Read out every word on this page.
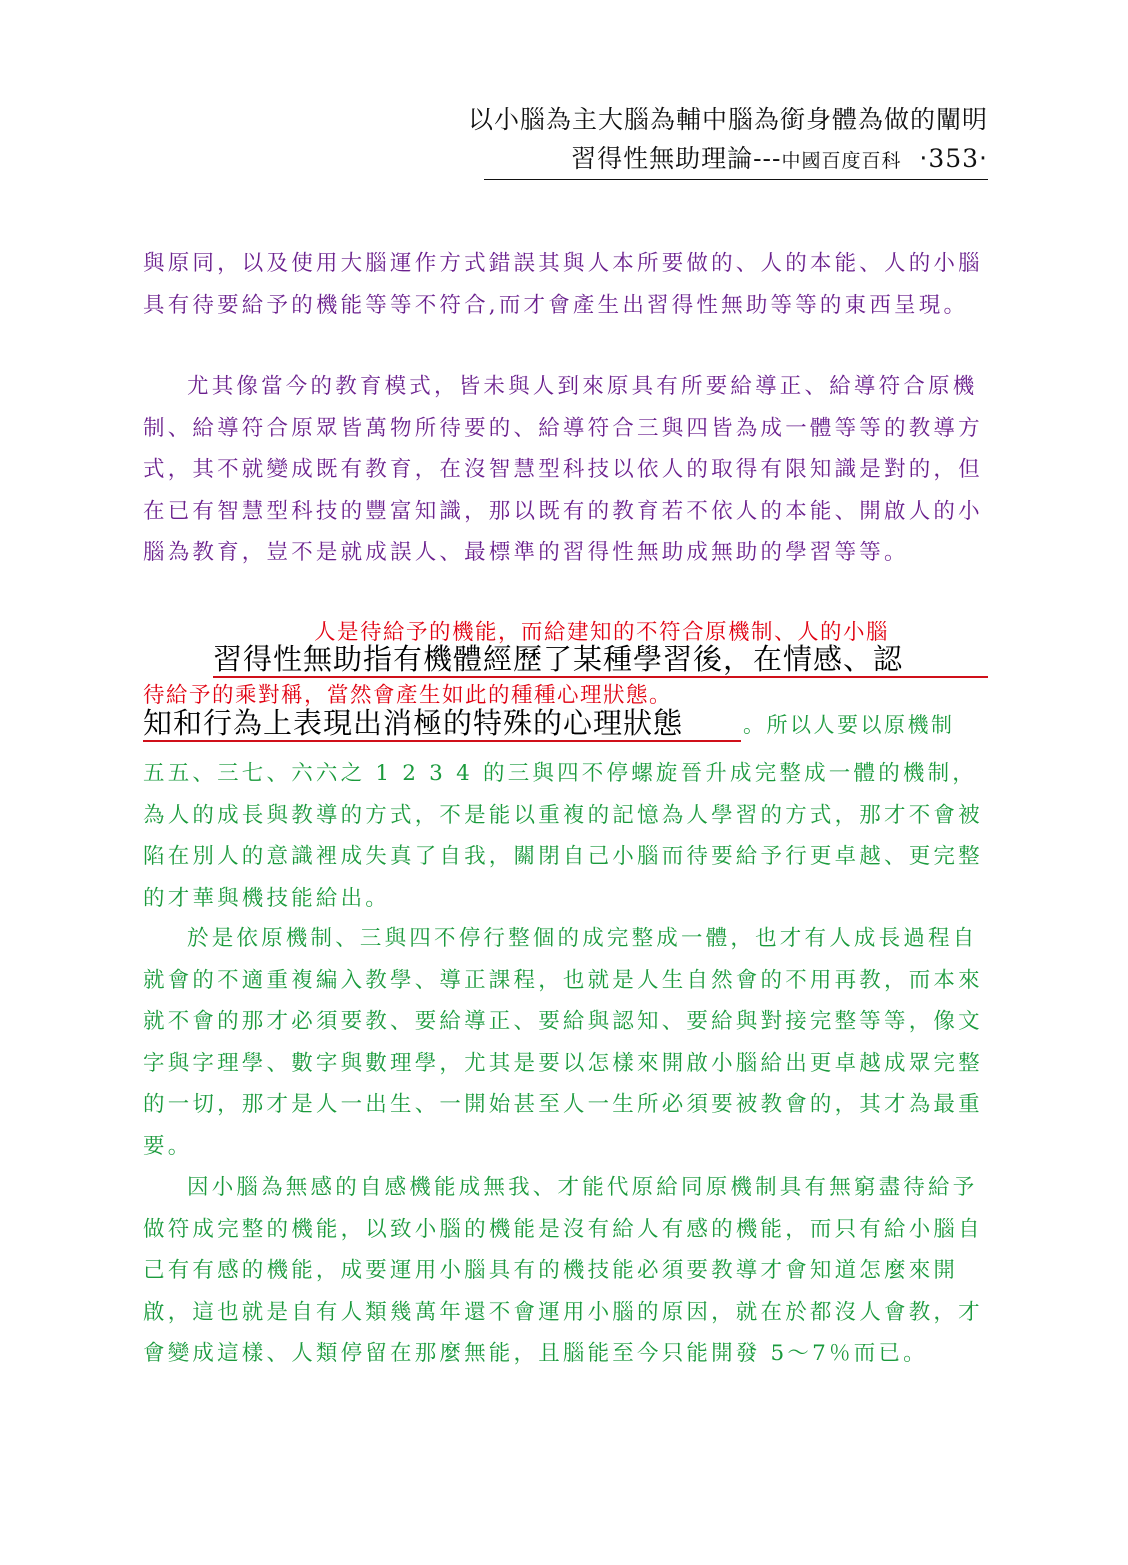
以小腦為主大腦為輔中腦為銜身體為做的闡明
習得性無助理論---中國百度百科 ‧353‧

與原同，以及使用大腦運作方式錯誤其與人本所要做的、人的本能、人的小腦具有待要給予的機能等等不符合,而才會產生出習得性無助等等的東西呈現。

尤其像當今的教育模式，皆未與人到來原具有所要給導正、給導符合原機制、給導符合原眾皆萬物所待要的、給導符合三與四皆為成一體等等的教導方式，其不就變成既有教育，在沒智慧型科技以依人的取得有限知識是對的，但在已有智慧型科技的豐富知識，那以既有的教育若不依人的本能、開啟人的小腦為教育，豈不是就成誤人、最標準的習得性無助成無助的學習等等。

人是待給予的機能，而給建知的不符合原機制、人的小腦
習得性無助指有機體經歷了某種學習後，在情感、認
待給予的乘對稱，當然會產生如此的種種心理狀態。
知和行為上表現出消極的特殊的心理狀態	。所以人要以原機制

五五、三七、六六之 1 2 3 4 的三與四不停螺旋晉升成完整成一體的機制，為人的成長與教導的方式，不是能以重複的記憶為人學習的方式，那才不會被陷在別人的意識裡成失真了自我，關閉自己小腦而待要給予行更卓越、更完整的才華與機技能給出。

於是依原機制、三與四不停行整個的成完整成一體，也才有人成長過程自就會的不適重複編入教學、導正課程，也就是人生自然會的不用再教，而本來就不會的那才必須要教、要給導正、要給與認知、要給與對接完整等等，像文字與字理學、數字與數理學，尤其是要以怎樣來開啟小腦給出更卓越成眾完整的一切，那才是人一出生、一開始甚至人一生所必須要被教會的，其才為最重要。

因小腦為無感的自感機能成無我、才能代原給同原機制具有無窮盡待給予做符成完整的機能，以致小腦的機能是沒有給人有感的機能，而只有給小腦自己有有感的機能，成要運用小腦具有的機技能必須要教導才會知道怎麼來開啟，這也就是自有人類幾萬年還不會運用小腦的原因，就在於都沒人會教，才會變成這樣、人類停留在那麼無能，且腦能至今只能開發 5～7％而已。
